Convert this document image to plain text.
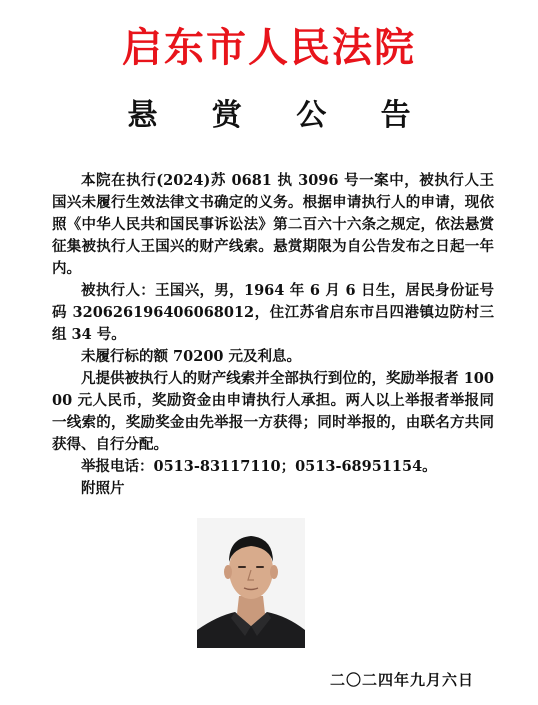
启东市人民法院
悬 赏 公 告

本院在执行(2024)苏 0681 执 3096 号一案中，被执行人王国兴未履行生效法律文书确定的义务。根据申请执行人的申请，现依照《中华人民共和国民事诉讼法》第二百六十六条之规定，依法悬赏征集被执行人王国兴的财产线索。悬赏期限为自公告发布之日起一年内。

被执行人：王国兴，男，1964 年 6 月 6 日生，居民身份证号码 320626196406068012，住江苏省启东市吕四港镇边防村三组 34 号。

未履行标的额 70200 元及利息。

凡提供被执行人的财产线索并全部执行到位的，奖励举报者 10000 元人民币，奖励资金由申请执行人承担。两人以上举报者举报同一线索的，奖励奖金由先举报一方获得；同时举报的，由联名方共同获得、自行分配。

举报电话：0513-83117110；0513-68951154。

附照片

二〇二四年九月六日
